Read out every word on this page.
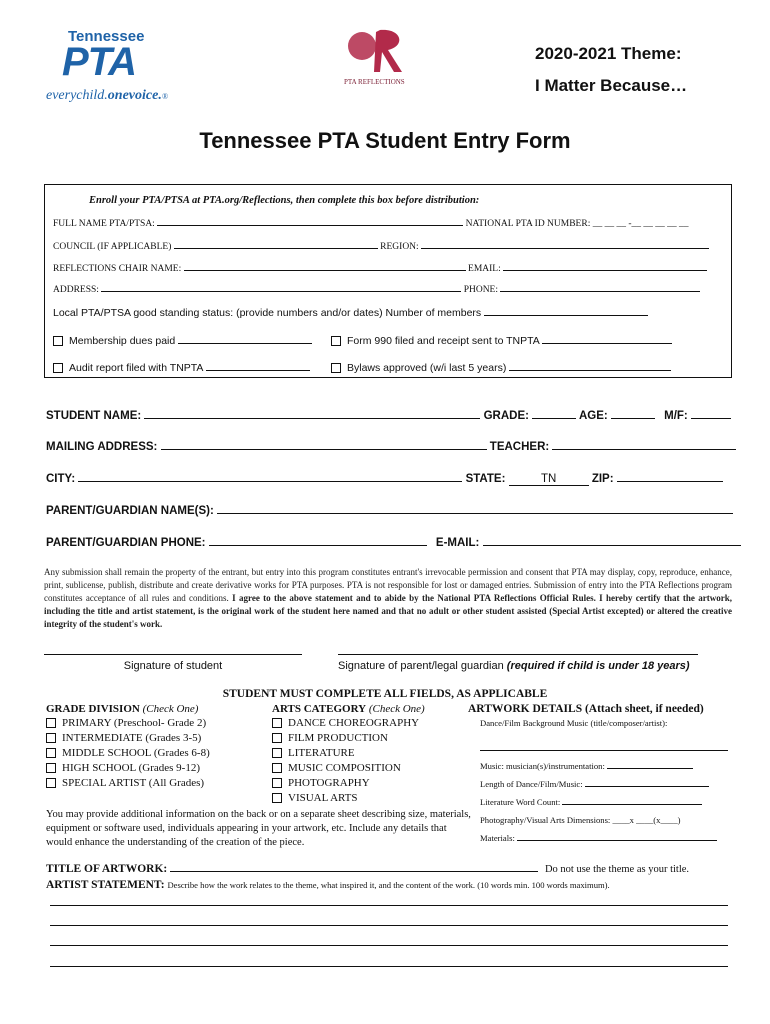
Tennessee
PTA
everychild.onevoice.®
PTA REFLECTIONS
2020-2021 Theme:
I Matter Because…
Tennessee PTA Student Entry Form
Enroll your PTA/PTSA at PTA.org/Reflections, then complete this box before distribution:
FULL NAME PTA/PTSA:	NATIONAL PTA ID NUMBER: __ __ __ -__ __ __ __ __
COUNCIL (IF APPLICABLE)	REGION:
REFLECTIONS CHAIR NAME:	EMAIL:
ADDRESS:	PHONE:
Local PTA/PTSA good standing status: (provide numbers and/or dates) Number of members
Membership dues paid	Form 990 filed and receipt sent to TNPTA
Audit report filed with TNPTA	Bylaws approved (w/i last 5 years)
STUDENT NAME:	GRADE:	AGE:	M/F:
MAILING ADDRESS:	TEACHER:
CITY:	STATE:	TN	ZIP:
PARENT/GUARDIAN NAME(S):
PARENT/GUARDIAN PHONE:	E-MAIL:
Any submission shall remain the property of the entrant, but entry into this program constitutes entrant's irrevocable permission and consent that PTA may display, copy, reproduce, enhance, print, sublicense, publish, distribute and create derivative works for PTA purposes. PTA is not responsible for lost or damaged entries. Submission of entry into the PTA Reflections program constitutes acceptance of all rules and conditions. I agree to the above statement and to abide by the National PTA Reflections Official Rules. I hereby certify that the artwork, including the title and artist statement, is the original work of the student here named and that no adult or other student assisted (Special Artist excepted) or altered the creative integrity of the student's work.
Signature of student	Signature of parent/legal guardian (required if child is under 18 years)
STUDENT MUST COMPLETE ALL FIELDS, AS APPLICABLE
GRADE DIVISION (Check One)
PRIMARY (Preschool- Grade 2)
INTERMEDIATE (Grades 3-5)
MIDDLE SCHOOL (Grades 6-8)
HIGH SCHOOL (Grades 9-12)
SPECIAL ARTIST (All Grades)
ARTS CATEGORY (Check One)
DANCE CHOREOGRAPHY
FILM PRODUCTION
LITERATURE
MUSIC COMPOSITION
PHOTOGRAPHY
VISUAL ARTS
ARTWORK DETAILS (Attach sheet, if needed)
Dance/Film Background Music (title/composer/artist):
Music: musician(s)/instrumentation:
Length of Dance/Film/Music:
Literature Word Count:
Photography/Visual Arts Dimensions: ____x ____(x____)
Materials:
You may provide additional information on the back or on a separate sheet describing size, materials, equipment or software used, individuals appearing in your artwork, etc. Include any details that would enhance the understanding of the creation of the piece.
TITLE OF ARTWORK:	Do not use the theme as your title.
ARTIST STATEMENT: Describe how the work relates to the theme, what inspired it, and the content of the work. (10 words min. 100 words maximum).
